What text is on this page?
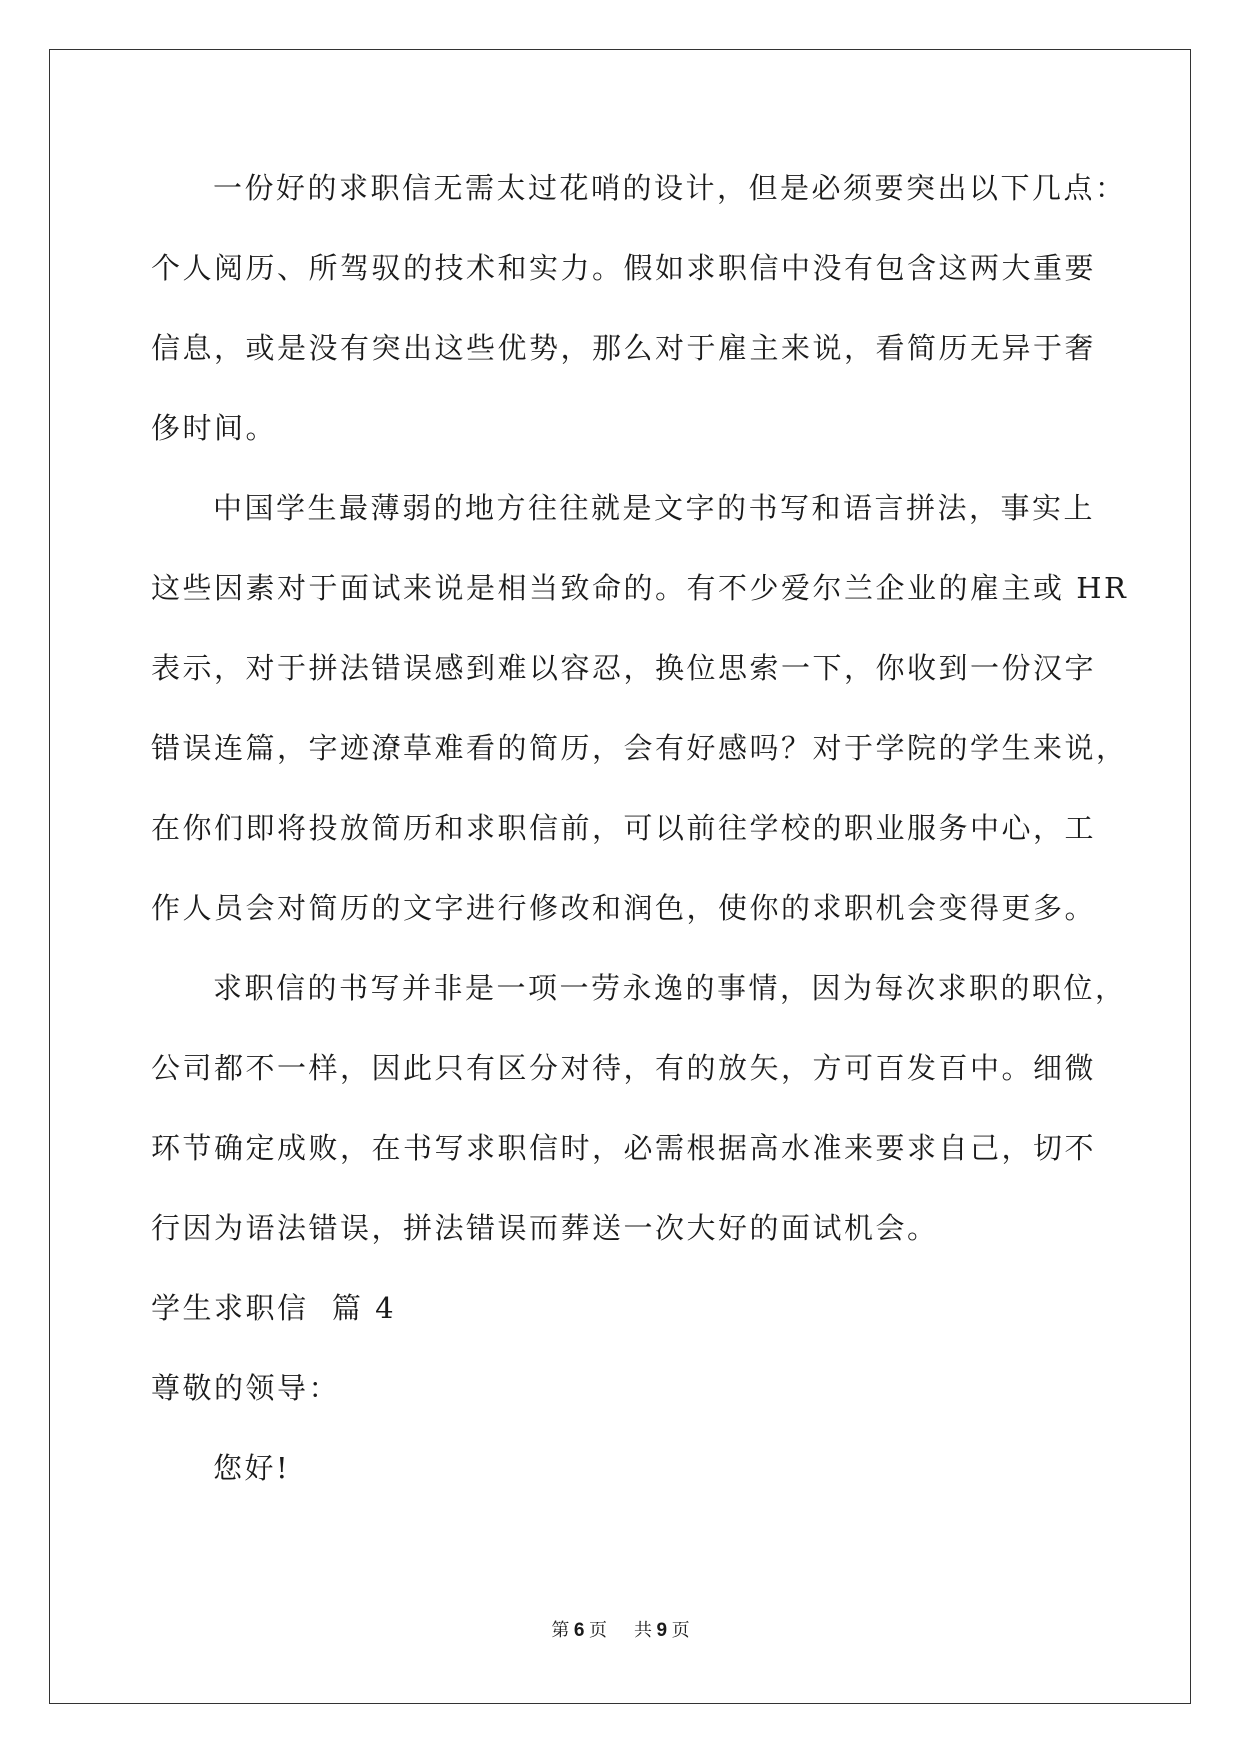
一份好的求职信无需太过花哨的设计，但是必须要突出以下几点：
个人阅历、所驾驭的技术和实力。假如求职信中没有包含这两大重要
信息，或是没有突出这些优势，那么对于雇主来说，看简历无异于奢
侈时间。
中国学生最薄弱的地方往往就是文字的书写和语言拼法，事实上
这些因素对于面试来说是相当致命的。有不少爱尔兰企业的雇主或 HR
表示，对于拼法错误感到难以容忍，换位思索一下，你收到一份汉字
错误连篇，字迹潦草难看的简历，会有好感吗？对于学院的学生来说，
在你们即将投放简历和求职信前，可以前往学校的职业服务中心，工
作人员会对简历的文字进行修改和润色，使你的求职机会变得更多。
求职信的书写并非是一项一劳永逸的事情，因为每次求职的职位，
公司都不一样，因此只有区分对待，有的放矢，方可百发百中。细微
环节确定成败，在书写求职信时，必需根据高水准来要求自己，切不
行因为语法错误，拼法错误而葬送一次大好的面试机会。
学生求职信  篇 4
尊敬的领导：
您好!
第 6 页 共 9 页
